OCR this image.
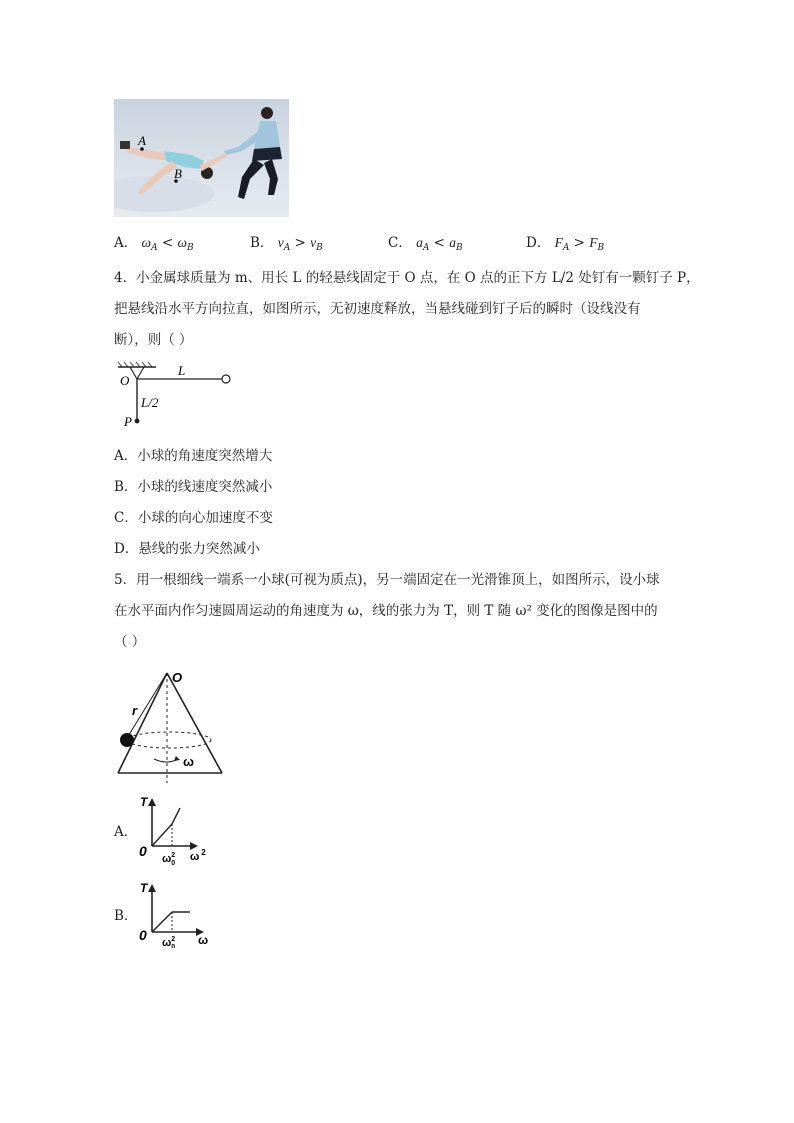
A
B
A． $\omega_A < \omega_B$	B． $v_A > v_B$	C． $a_A < a_B$	D． $F_A > F_B$
4．小金属球质量为 m、用长 L 的轻悬线固定于 O 点，在 O 点的正下方 L/2 处钉有一颗钉子 P，
把悬线沿水平方向拉直，如图所示，无初速度释放，当悬线碰到钉子后的瞬时（设线没有
断），则（ ）
O
L
L/2
P
A．小球的角速度突然增大
B．小球的线速度突然减小
C．小球的向心加速度不变
D．悬线的张力突然减小
5．用一根细线一端系一小球(可视为质点)，另一端固定在一光滑锥顶上，如图所示，设小球
在水平面内作匀速圆周运动的角速度为 ω，线的张力为 T，则 T 随 ω² 变化的图像是图中的
（ ）
O
r
ω
A．
T
0 $\omega^2$ 0
ω $^2$
B．
T
0 $\omega^2$ 0
ω
